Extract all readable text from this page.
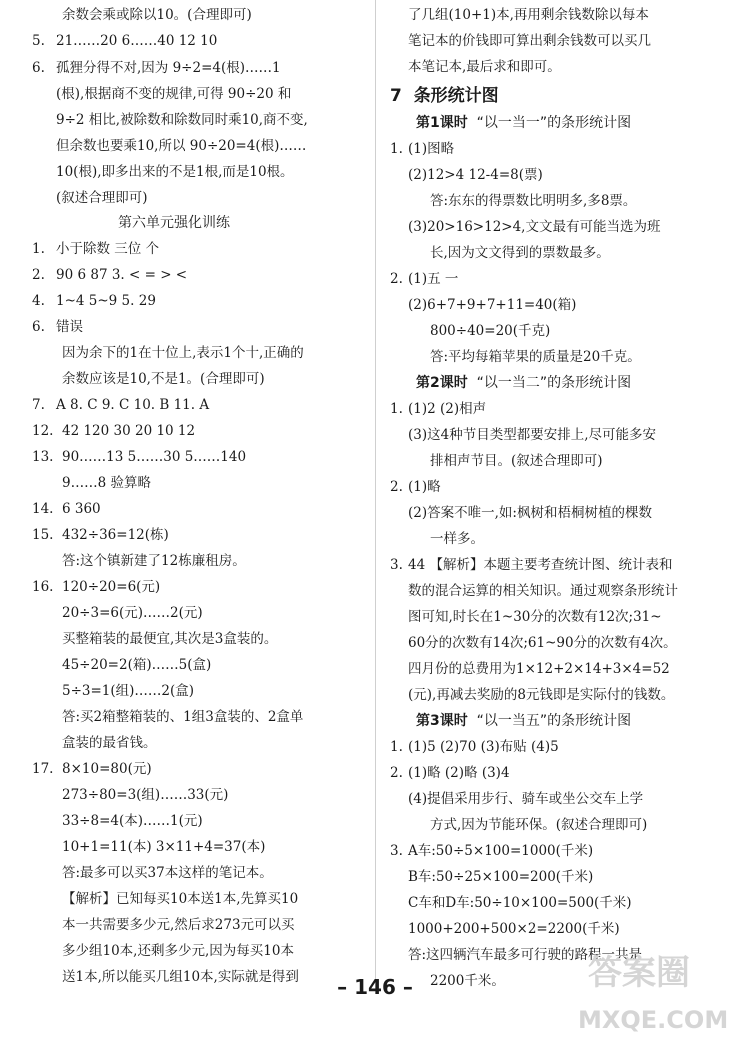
余数会乘或除以10。(合理即可)
5. 21……20 6……40 12 10
6. 孤狸分得不对,因为 9÷2=4(根)……1
(根),根据商不变的规律,可得 90÷20 和
9÷2 相比,被除数和除数同时乘10,商不变,
但余数也要乘10,所以 90÷20=4(根)……
10(根),即多出来的不是1根,而是10根。
(叙述合理即可)
第六单元强化训练
1. 小于除数 三位 个
2. 90 6 87 3. < = > <
4. 1~4 5~9 5. 29
6. 错误
因为余下的1在十位上,表示1个十,正确的
余数应该是10,不是1。(合理即可)
7. A 8. C 9. C 10. B 11. A
12. 42 120 30 20 10 12
13. 90……13 5……30 5……140
9……8 验算略
14. 6 360
15. 432÷36=12(栋)
答:这个镇新建了12栋廉租房。
16. 120÷20=6(元)
20÷3=6(元)……2(元)
买整箱装的最便宜,其次是3盒装的。
45÷20=2(箱)……5(盒)
5÷3=1(组)……2(盒)
答:买2箱整箱装的、1组3盒装的、2盒单
盒装的最省钱。
17. 8×10=80(元)
273÷80=3(组)……33(元)
33÷8=4(本)……1(元)
10+1=11(本) 3×11+4=37(本)
答:最多可以买37本这样的笔记本。
【解析】已知每买10本送1本,先算买10
本一共需要多少元,然后求273元可以买
多少组10本,还剩多少元,因为每买10本
送1本,所以能买几组10本,实际就是得到
了几组(10+1)本,再用剩余钱数除以每本
笔记本的价钱即可算出剩余钱数可以买几
本笔记本,最后求和即可。
7 条形统计图
第1课时 “以一当一”的条形统计图
1. (1)图略
(2)12>4 12-4=8(票)
答:东东的得票数比明明多,多8票。
(3)20>16>12>4,文文最有可能当选为班
长,因为文文得到的票数最多。
2. (1)五 一
(2)6+7+9+7+11=40(箱)
800÷40=20(千克)
答:平均每箱苹果的质量是20千克。
第2课时 “以一当二”的条形统计图
1. (1)2 (2)相声
(3)这4种节目类型都要安排上,尽可能多安
排相声节目。(叙述合理即可)
2. (1)略
(2)答案不唯一,如:枫树和梧桐树植的棵数
一样多。
3. 44 【解析】本题主要考查统计图、统计表和
数的混合运算的相关知识。通过观察条形统计
图可知,时长在1~30分的次数有12次;31~
60分的次数有14次;61~90分的次数有4次。
四月份的总费用为1×12+2×14+3×4=52
(元),再减去奖励的8元钱即是实际付的钱数。
第3课时 “以一当五”的条形统计图
1. (1)5 (2)70 (3)布贴 (4)5
2. (1)略 (2)略 (3)4
(4)提倡采用步行、骑车或坐公交车上学
方式,因为节能环保。(叙述合理即可)
3. A车:50÷5×100=1000(千米)
B车:50÷25×100=200(千米)
C车和D车:50÷10×100=500(千米)
1000+200+500×2=2200(千米)
答:这四辆汽车最多可行驶的路程一共是
2200千米。
– 146 –	答案圈
MXQE.COM
